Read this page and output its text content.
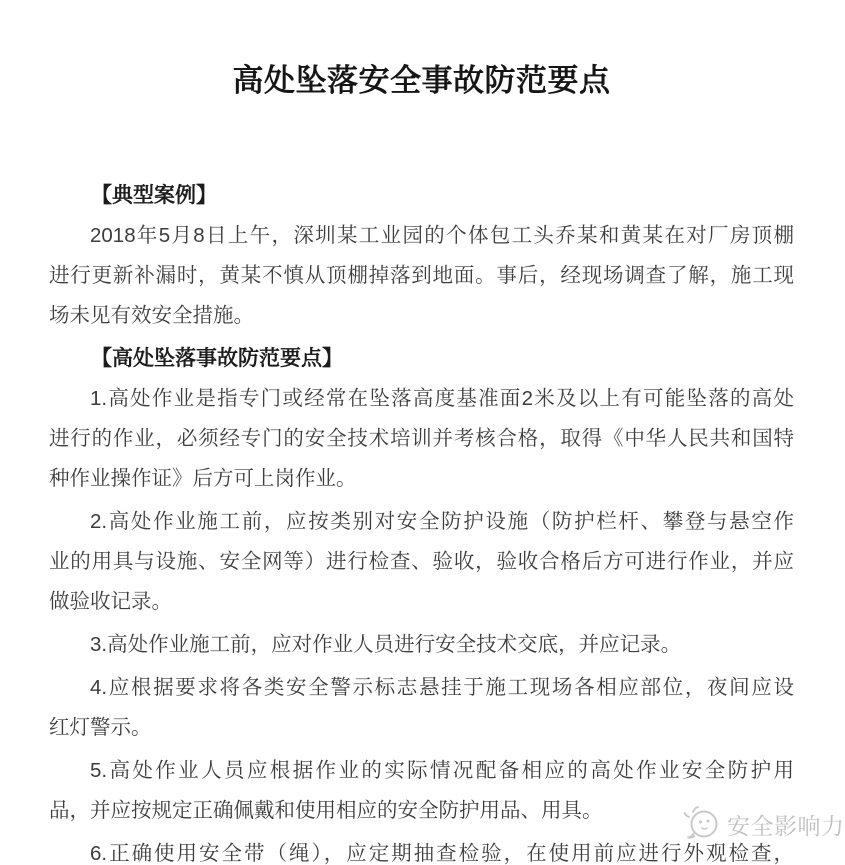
高处坠落安全事故防范要点
【典型案例】
2018年5月8日上午，深圳某工业园的个体包工头乔某和黄某在对厂房顶棚
进行更新补漏时，黄某不慎从顶棚掉落到地面。事后，经现场调查了解，施工现
场未见有效安全措施。
【高处坠落事故防范要点】
1.高处作业是指专门或经常在坠落高度基准面2米及以上有可能坠落的高处
进行的作业，必须经专门的安全技术培训并考核合格，取得《中华人民共和国特
种作业操作证》后方可上岗作业。
2.高处作业施工前，应按类别对安全防护设施（防护栏杆、攀登与悬空作
业的用具与设施、安全网等）进行检查、验收，验收合格后方可进行作业，并应
做验收记录。
3.高处作业施工前，应对作业人员进行安全技术交底，并应记录。
4.应根据要求将各类安全警示标志悬挂于施工现场各相应部位，夜间应设
红灯警示。
5.高处作业人员应根据作业的实际情况配备相应的高处作业安全防护用
品，并应按规定正确佩戴和使用相应的安全防护用品、用具。
6.正确使用安全带（绳），应定期抽查检验，在使用前应进行外观检查，
安全影响力
